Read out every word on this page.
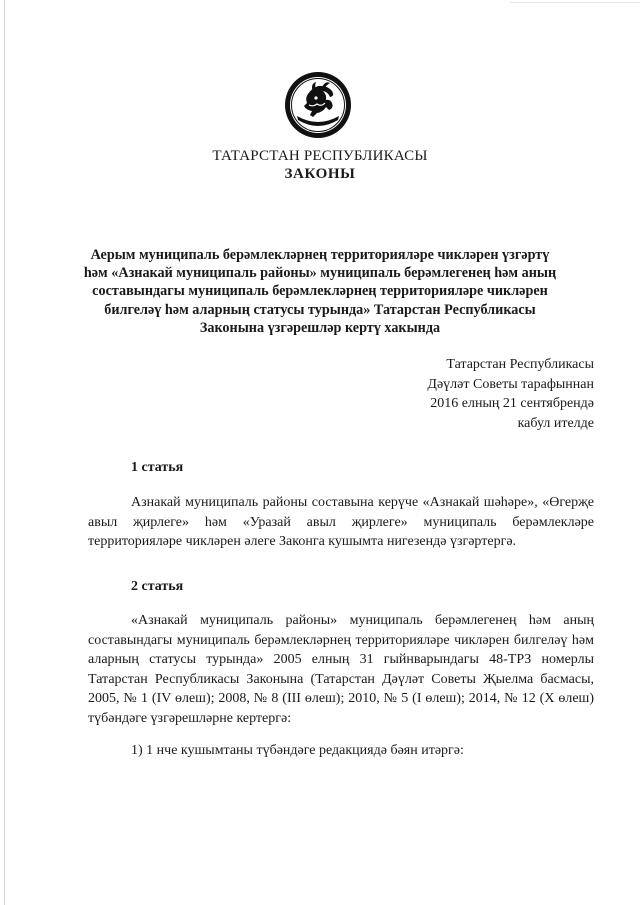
ТАТАРСТАН РЕСПУБЛИКАСЫ
ЗАКОНЫ
Аерым муниципаль берәмлекләрнең территорияләре чикләрен үзгәртү
һәм «Азнакай муниципаль районы» муниципаль берәмлегенең һәм аның
составындагы муниципаль берәмлекләрнең территорияләре чикләрен
билгеләү һәм аларның статусы турында» Татарстан Республикасы
Законына үзгәрешләр кертү хакында
Татарстан Республикасы
Дәүләт Советы тарафыннан
2016 елның 21 сентябрендә
кабул ителде
1 статья
Азнакай муниципаль районы составына керүче «Азнакай шәһәре», «Өгерҗе авыл җирлеге» һәм «Уразай авыл җирлеге» муниципаль берәмлекләре территорияләре чикләрен әлеге Законга кушымта нигезендә үзгәртергә.
2 статья
«Азнакай муниципаль районы» муниципаль берәмлегенең һәм аның составындагы муниципаль берәмлекләрнең территорияләре чикләрен билгеләү һәм аларның статусы турында» 2005 елның 31 гыйнварындагы 48-ТРЗ номерлы Татарстан Республикасы Законына (Татарстан Дәүләт Советы Җыелма басмасы, 2005, № 1 (IV өлеш); 2008, № 8 (III өлеш); 2010, № 5 (I өлеш); 2014, № 12 (X өлеш) түбәндәге үзгәрешләрне кертергә:
1) 1 нче кушымтаны түбәндәге редакциядә бәян итәргә:
